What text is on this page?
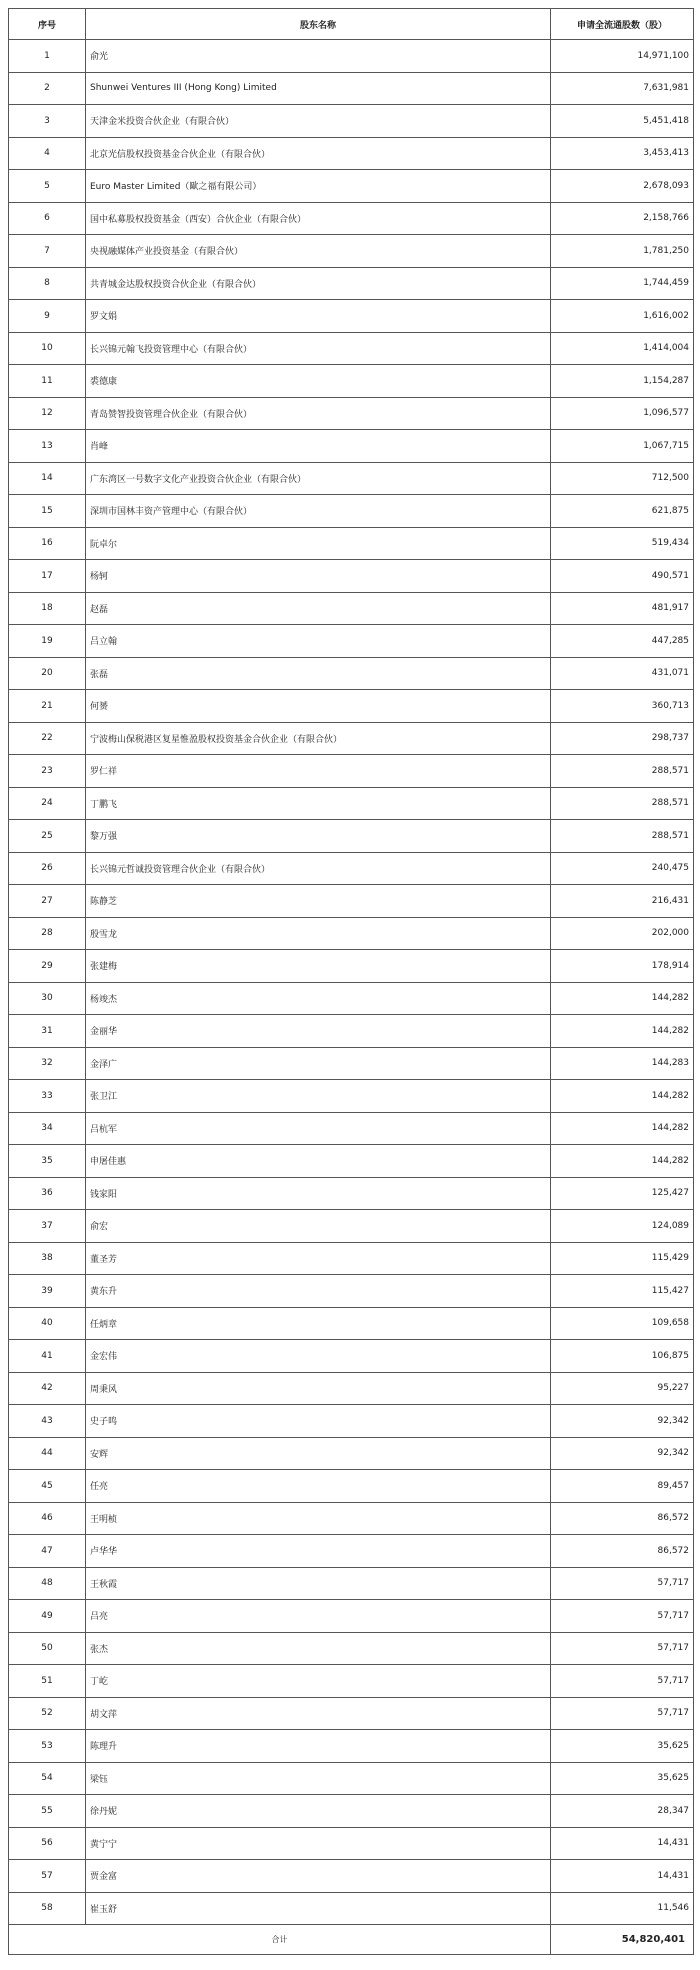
序号	股东名称	申请全流通股数（股）
1	俞光	14,971,100
2	Shunwei Ventures III (Hong Kong) Limited	7,631,981
3	天津金米投资合伙企业（有限合伙）	5,451,418
4	北京光信股权投资基金合伙企业（有限合伙）	3,453,413
5	Euro Master Limited（歐之福有限公司）	2,678,093
6	国中私募股权投资基金（西安）合伙企业（有限合伙）	2,158,766
7	央视融媒体产业投资基金（有限合伙）	1,781,250
8	共青城金达股权投资合伙企业（有限合伙）	1,744,459
9	罗文娟	1,616,002
10	长兴锦元翰飞投资管理中心（有限合伙）	1,414,004
11	裘德康	1,154,287
12	青岛赞智投资管理合伙企业（有限合伙）	1,096,577
13	肖峰	1,067,715
14	广东湾区一号数字文化产业投资合伙企业（有限合伙）	712,500
15	深圳市国林丰资产管理中心（有限合伙）	621,875
16	阮卓尔	519,434
17	杨轲	490,571
18	赵磊	481,917
19	吕立翰	447,285
20	张磊	431,071
21	何赟	360,713
22	宁波梅山保税港区复星惟盈股权投资基金合伙企业（有限合伙）	298,737
23	罗仁祥	288,571
24	丁鹏飞	288,571
25	黎万强	288,571
26	长兴锦元哲诚投资管理合伙企业（有限合伙）	240,475
27	陈静芝	216,431
28	殷雪龙	202,000
29	张建梅	178,914
30	杨竣杰	144,282
31	金丽华	144,282
32	金泽广	144,283
33	张卫江	144,282
34	吕杭军	144,282
35	申屠佳惠	144,282
36	钱家阳	125,427
37	俞宏	124,089
38	董圣芳	115,429
39	黄东升	115,427
40	任炳章	109,658
41	金宏伟	106,875
42	周秉风	95,227
43	史子鸣	92,342
44	安辉	92,342
45	任亮	89,457
46	王明桢	86,572
47	卢华华	86,572
48	王秋霞	57,717
49	吕亮	57,717
50	张杰	57,717
51	丁屹	57,717
52	胡文萍	57,717
53	陈理升	35,625
54	梁钰	35,625
55	徐丹妮	28,347
56	黄宁宁	14,431
57	贾金富	14,431
58	崔玉舒	11,546
合计		54,820,401
